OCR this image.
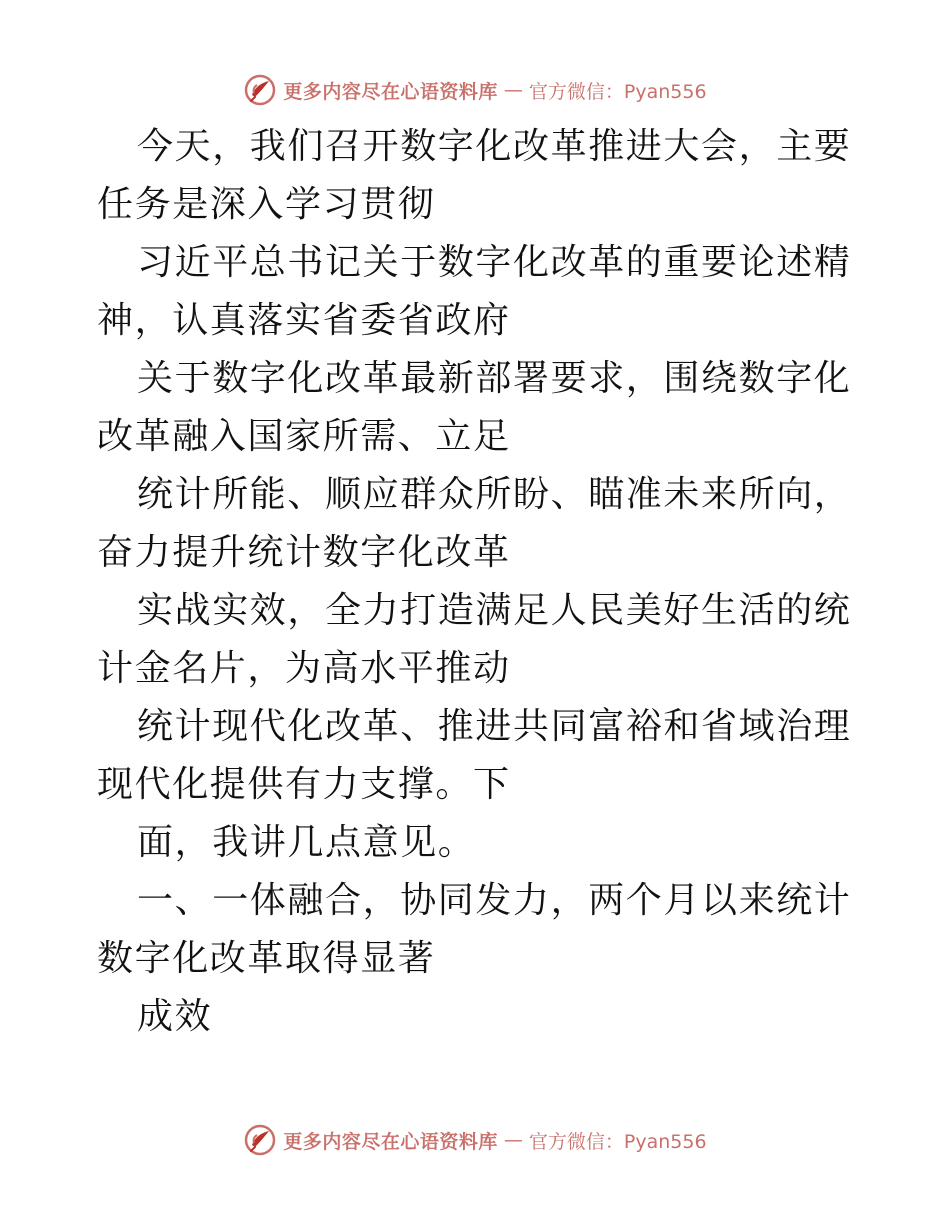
更多内容尽在心语资料库 — 官方微信：Pyan556

今天，我们召开数字化改革推进大会，主要任务是深入学习贯彻

习近平总书记关于数字化改革的重要论述精神，认真落实省委省政府

关于数字化改革最新部署要求，围绕数字化改革融入国家所需、立足

统计所能、顺应群众所盼、瞄准未来所向，奋力提升统计数字化改革

实战实效，全力打造满足人民美好生活的统计金名片，为高水平推动

统计现代化改革、推进共同富裕和省域治理现代化提供有力支撑。下

面，我讲几点意见。

一、一体融合，协同发力，两个月以来统计数字化改革取得显著

成效

更多内容尽在心语资料库 — 官方微信：Pyan556
